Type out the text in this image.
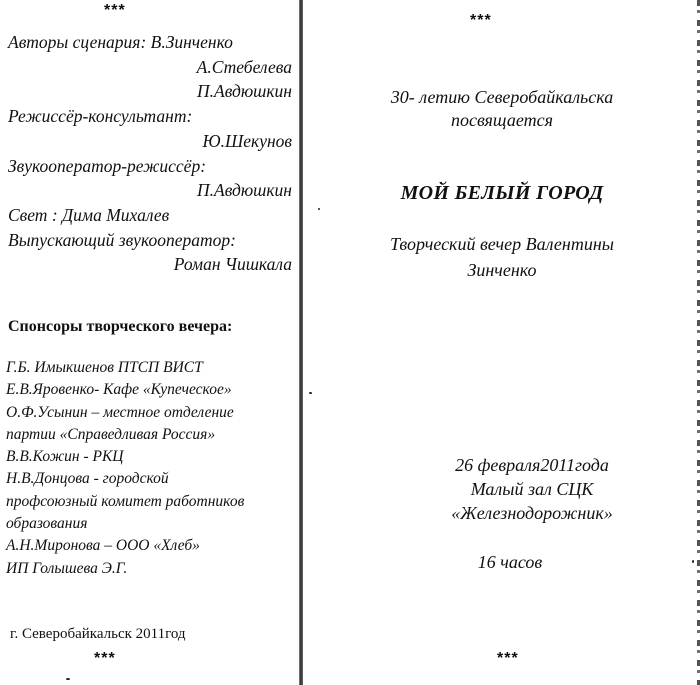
***

Авторы сценария: В.Зинченко
А.Стебелева
П.Авдюшкин
Режиссёр-консультант:
Ю.Шекунов
Звукооператор-режиссёр:
П.Авдюшкин
Свет : Дима Михалев
Выпускающий звукооператор:
Роман Чишкала

Спонсоры творческого вечера:

Г.Б. Имыкшенов ПТСП ВИСТ
Е.В.Яровенко- Кафе «Купеческое»
О.Ф.Усынин – местное отделение
партии «Справедливая Россия»
В.В.Кожин - РКЦ
Н.В.Донцова - городской
профсоюзный комитет работников
образования
А.Н.Миронова – ООО «Хлеб»
ИП Голышева Э.Г.

г. Северобайкальск 2011год

***

***

30- летию Северобайкальска
посвящается

МОЙ БЕЛЫЙ ГОРОД

Творческий вечер Валентины
Зинченко
26 февраля2011года
Малый зал СЦК
«Железнодорожник»

16 часов

***
